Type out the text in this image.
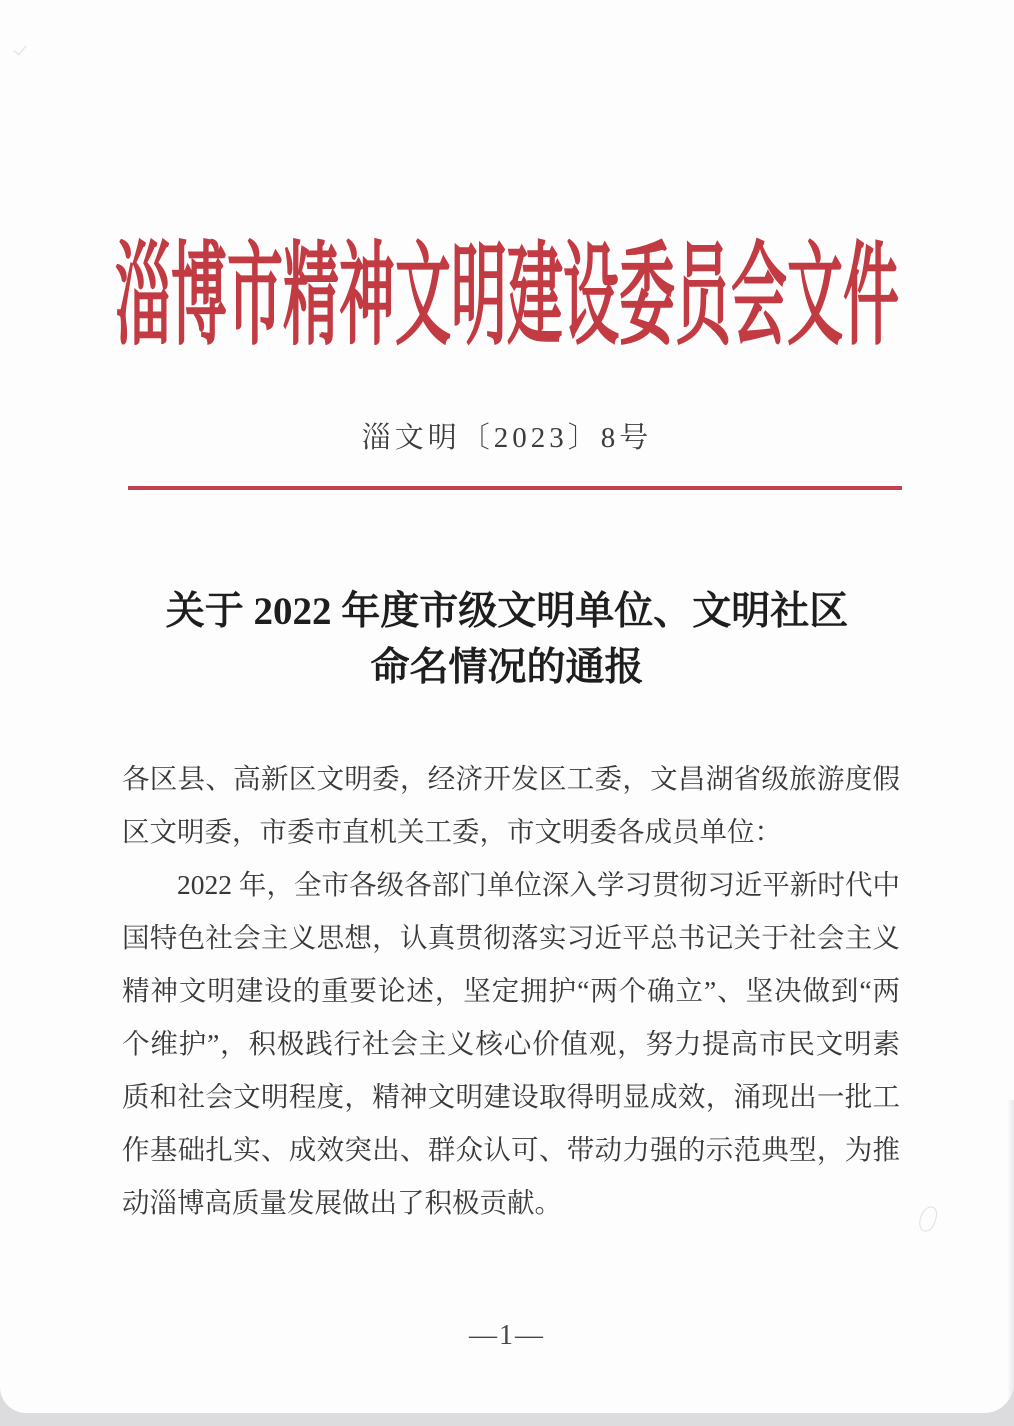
淄博市精神文明建设委员会文件
淄文明〔2023〕8号
关于 2022 年度市级文明单位、文明社区
命名情况的通报
各区县、高新区文明委，经济开发区工委，文昌湖省级旅游度假
区文明委，市委市直机关工委，市文明委各成员单位：
2022 年，全市各级各部门单位深入学习贯彻习近平新时代中
国特色社会主义思想，认真贯彻落实习近平总书记关于社会主义
精神文明建设的重要论述，坚定拥护“两个确立”、坚决做到“两
个维护”，积极践行社会主义核心价值观，努力提高市民文明素
质和社会文明程度，精神文明建设取得明显成效，涌现出一批工
作基础扎实、成效突出、群众认可、带动力强的示范典型，为推
动淄博高质量发展做出了积极贡献。
—1—
